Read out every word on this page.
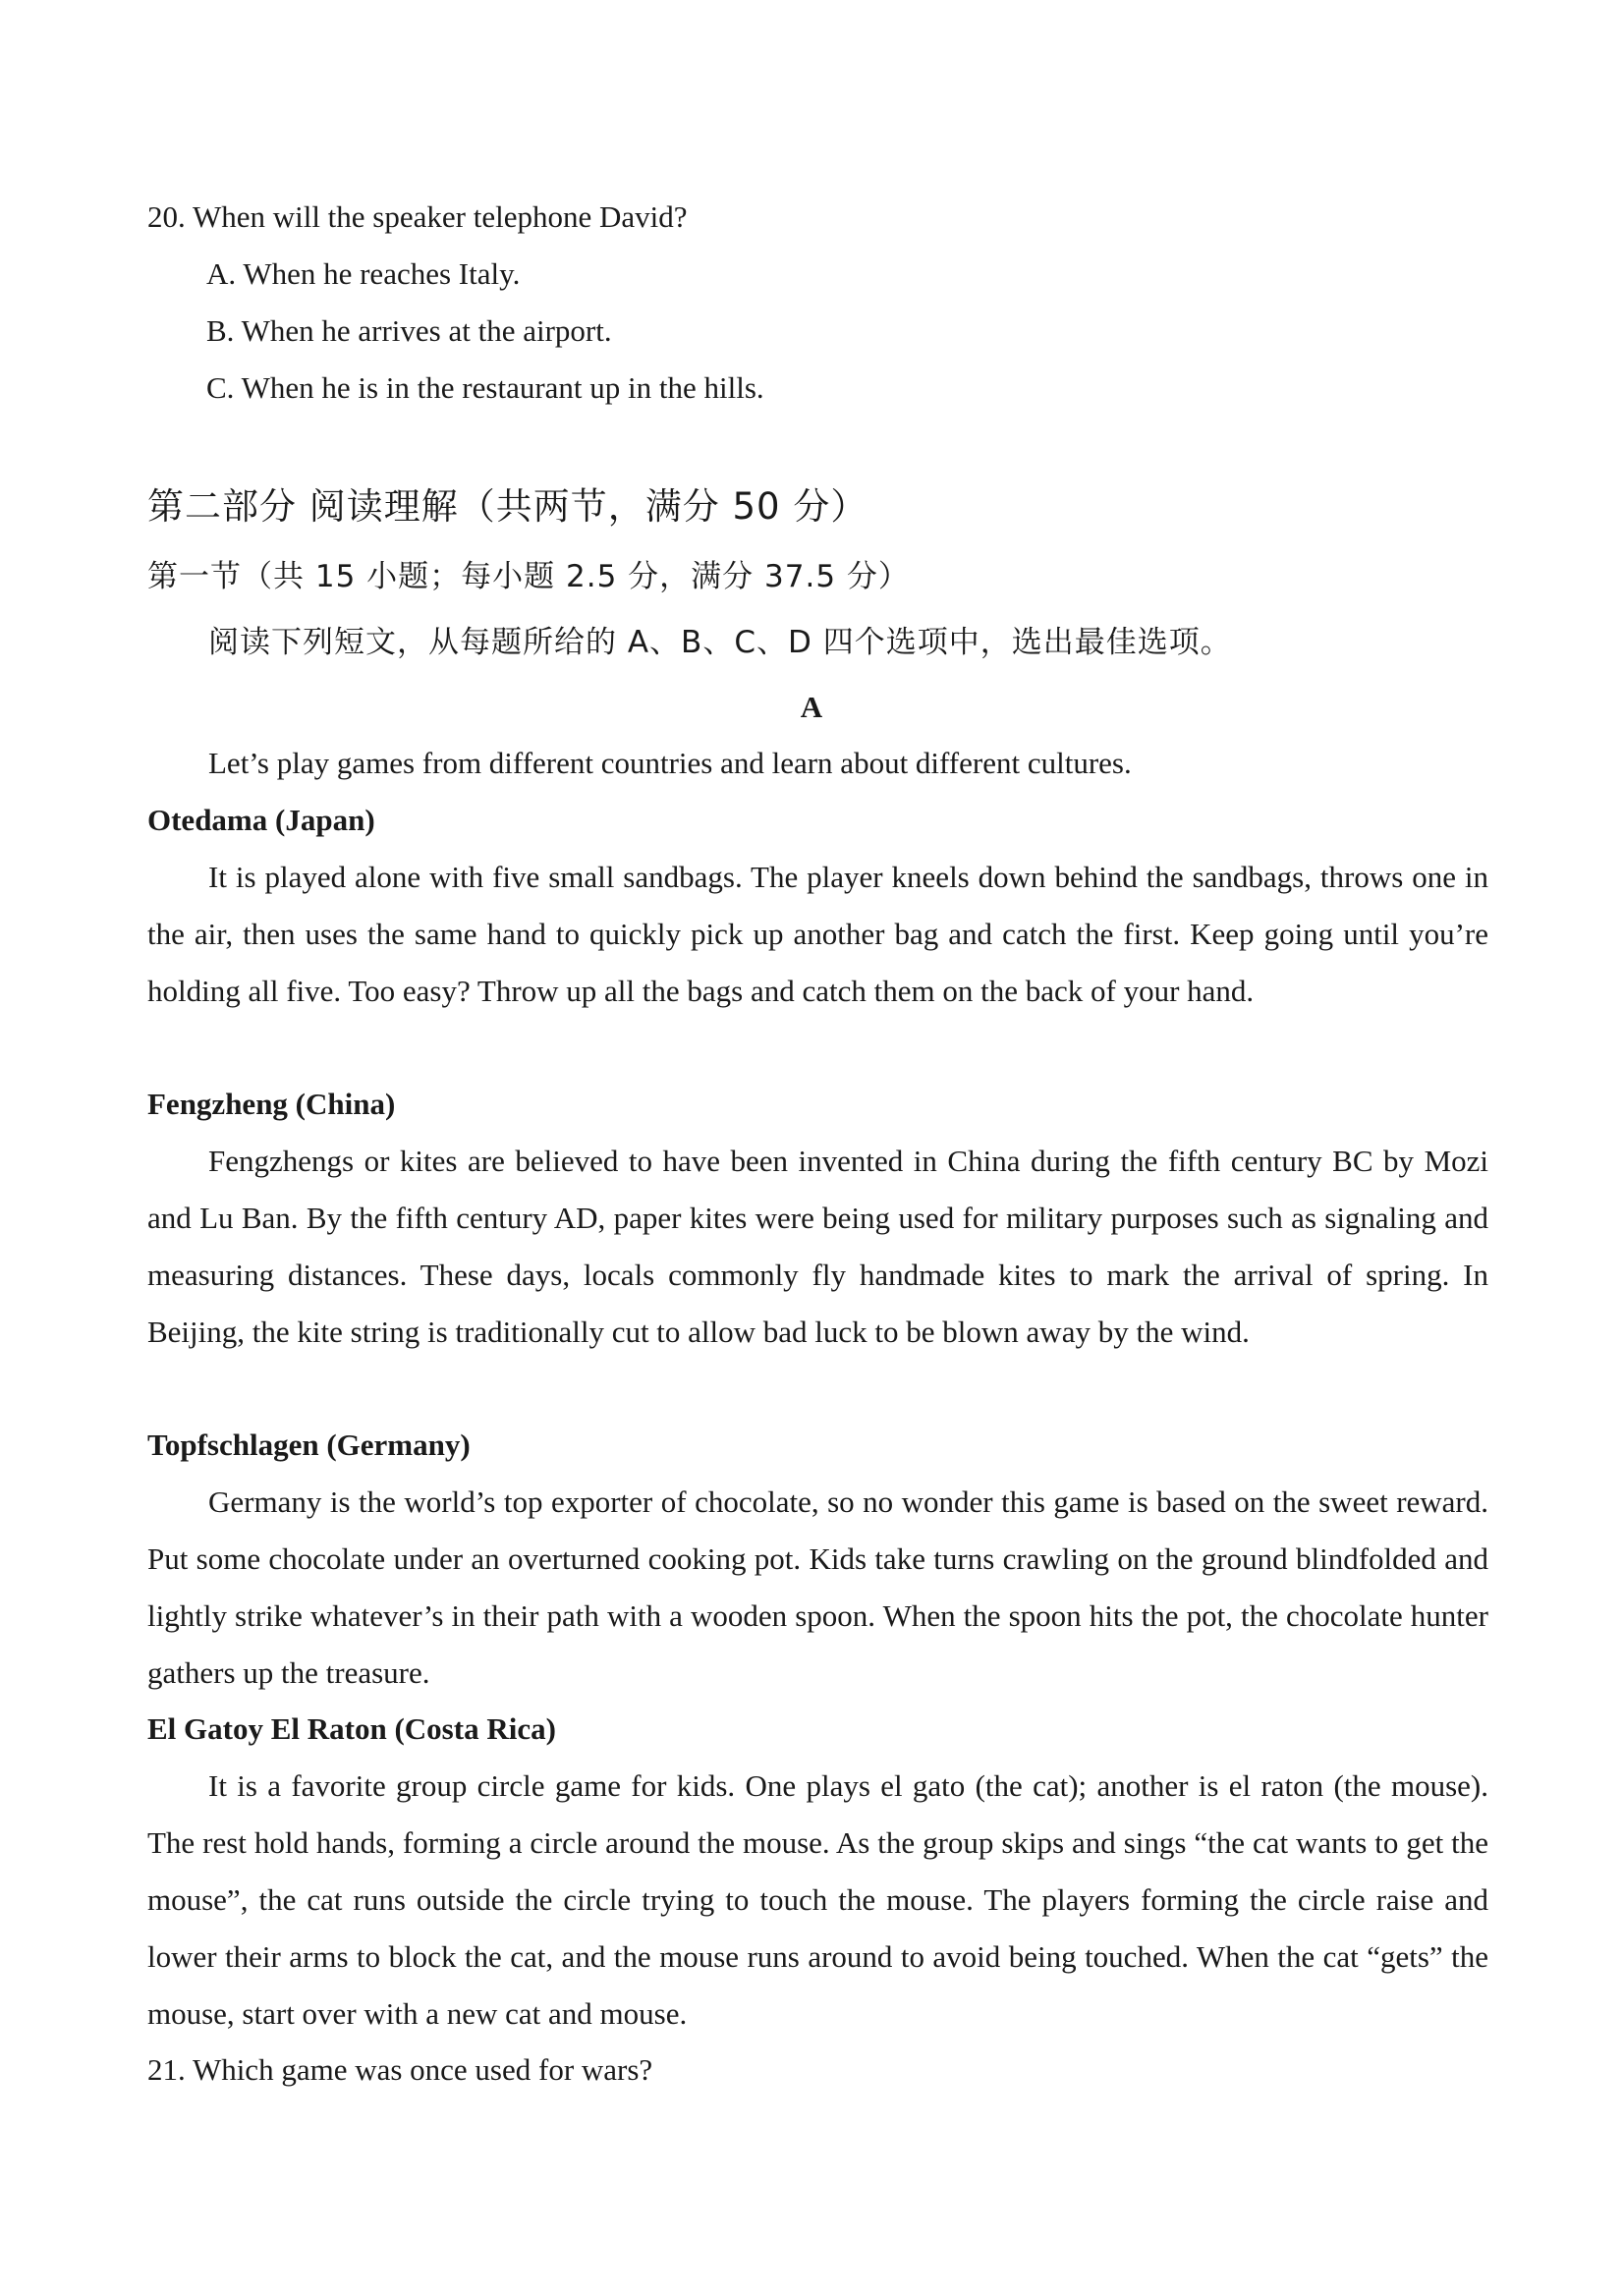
20. When will the speaker telephone David?
A. When he reaches Italy.
B. When he arrives at the airport.
C. When he is in the restaurant up in the hills.
第二部分 阅读理解（共两节，满分 50 分）
第一节（共 15 小题；每小题 2.5 分，满分 37.5 分）
阅读下列短文，从每题所给的 A、B、C、D 四个选项中，选出最佳选项。
A
Let’s play games from different countries and learn about different cultures.
Otedama (Japan)
It is played alone with five small sandbags. The player kneels down behind the sandbags, throws one in the air, then uses the same hand to quickly pick up another bag and catch the first. Keep going until you’re holding all five. Too easy? Throw up all the bags and catch them on the back of your hand.
Fengzheng (China)
Fengzhengs or kites are believed to have been invented in China during the fifth century BC by Mozi and Lu Ban. By the fifth century AD, paper kites were being used for military purposes such as signaling and measuring distances. These days, locals commonly fly handmade kites to mark the arrival of spring. In Beijing, the kite string is traditionally cut to allow bad luck to be blown away by the wind.
Topfschlagen (Germany)
Germany is the world’s top exporter of chocolate, so no wonder this game is based on the sweet reward. Put some chocolate under an overturned cooking pot. Kids take turns crawling on the ground blindfolded and lightly strike whatever’s in their path with a wooden spoon. When the spoon hits the pot, the chocolate hunter gathers up the treasure.
El Gatoy El Raton (Costa Rica)
It is a favorite group circle game for kids. One plays el gato (the cat); another is el raton (the mouse). The rest hold hands, forming a circle around the mouse. As the group skips and sings “the cat wants to get the mouse”, the cat runs outside the circle trying to touch the mouse. The players forming the circle raise and lower their arms to block the cat, and the mouse runs around to avoid being touched. When the cat “gets” the mouse, start over with a new cat and mouse.
21. Which game was once used for wars?
